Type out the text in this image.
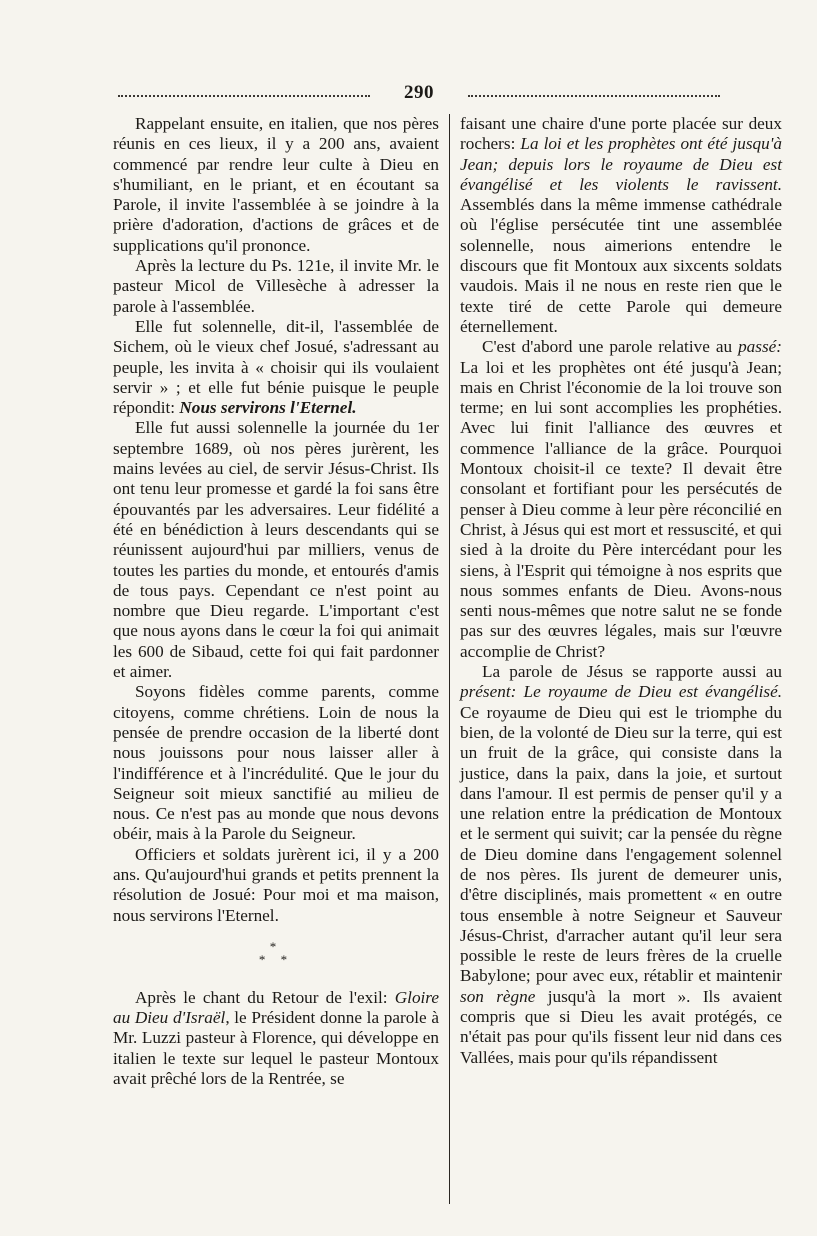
290

Rappelant ensuite, en italien, que nos pères réunis en ces lieux, il y a 200 ans, avaient commencé par rendre leur culte à Dieu en s'humiliant, en le priant, et en écoutant sa Parole, il invite l'assemblée à se joindre à la prière d'adoration, d'actions de grâces et de supplications qu'il prononce.

Après la lecture du Ps. 121e, il invite Mr. le pasteur Micol de Villesèche à adresser la parole à l'assemblée.

Elle fut solennelle, dit-il, l'assemblée de Sichem, où le vieux chef Josué, s'adressant au peuple, les invita à « choisir qui ils voulaient servir » ; et elle fut bénie puisque le peuple répondit: Nous servirons l'Eternel.

Elle fut aussi solennelle la journée du 1er septembre 1689, où nos pères jurèrent, les mains levées au ciel, de servir Jésus-Christ. Ils ont tenu leur promesse et gardé la foi sans être épouvantés par les adversaires. Leur fidélité a été en bénédiction à leurs descendants qui se réunissent aujourd'hui par milliers, venus de toutes les parties du monde, et entourés d'amis de tous pays. Cependant ce n'est point au nombre que Dieu regarde. L'important c'est que nous ayons dans le cœur la foi qui animait les 600 de Sibaud, cette foi qui fait pardonner et aimer.

Soyons fidèles comme parents, comme citoyens, comme chrétiens. Loin de nous la pensée de prendre occasion de la liberté dont nous jouissons pour nous laisser aller à l'indifférence et à l'incrédulité. Que le jour du Seigneur soit mieux sanctifié au milieu de nous. Ce n'est pas au monde que nous devons obéir, mais à la Parole du Seigneur.

Officiers et soldats jurèrent ici, il y a 200 ans. Qu'aujourd'hui grands et petits prennent la résolution de Josué: Pour moi et ma maison, nous servirons l'Eternel.

*
* *

Après le chant du Retour de l'exil: Gloire au Dieu d'Israël, le Président donne la parole à Mr. Luzzi pasteur à Florence, qui développe en italien le texte sur lequel le pasteur Montoux avait prêché lors de la Rentrée, se

faisant une chaire d'une porte placée sur deux rochers: La loi et les prophètes ont été jusqu'à Jean; depuis lors le royaume de Dieu est évangélisé et les violents le ravissent. Assemblés dans la même immense cathédrale où l'église persécutée tint une assemblée solennelle, nous aimerions entendre le discours que fit Montoux aux sixcents soldats vaudois. Mais il ne nous en reste rien que le texte tiré de cette Parole qui demeure éternellement.

C'est d'abord une parole relative au passé: La loi et les prophètes ont été jusqu'à Jean; mais en Christ l'économie de la loi trouve son terme; en lui sont accomplies les prophéties. Avec lui finit l'alliance des œuvres et commence l'alliance de la grâce. Pourquoi Montoux choisit-il ce texte? Il devait être consolant et fortifiant pour les persécutés de penser à Dieu comme à leur père réconcilié en Christ, à Jésus qui est mort et ressuscité, et qui sied à la droite du Père intercédant pour les siens, à l'Esprit qui témoigne à nos esprits que nous sommes enfants de Dieu. Avons-nous senti nous-mêmes que notre salut ne se fonde pas sur des œuvres légales, mais sur l'œuvre accomplie de Christ?

La parole de Jésus se rapporte aussi au présent: Le royaume de Dieu est évangélisé. Ce royaume de Dieu qui est le triomphe du bien, de la volonté de Dieu sur la terre, qui est un fruit de la grâce, qui consiste dans la justice, dans la paix, dans la joie, et surtout dans l'amour. Il est permis de penser qu'il y a une relation entre la prédication de Montoux et le serment qui suivit; car la pensée du règne de Dieu domine dans l'engagement solennel de nos pères. Ils jurent de demeurer unis, d'être disciplinés, mais promettent « en outre tous ensemble à notre Seigneur et Sauveur Jésus-Christ, d'arracher autant qu'il leur sera possible le reste de leurs frères de la cruelle Babylone; pour avec eux, rétablir et maintenir son règne jusqu'à la mort ». Ils avaient compris que si Dieu les avait protégés, ce n'était pas pour qu'ils fissent leur nid dans ces Vallées, mais pour qu'ils répandissent
